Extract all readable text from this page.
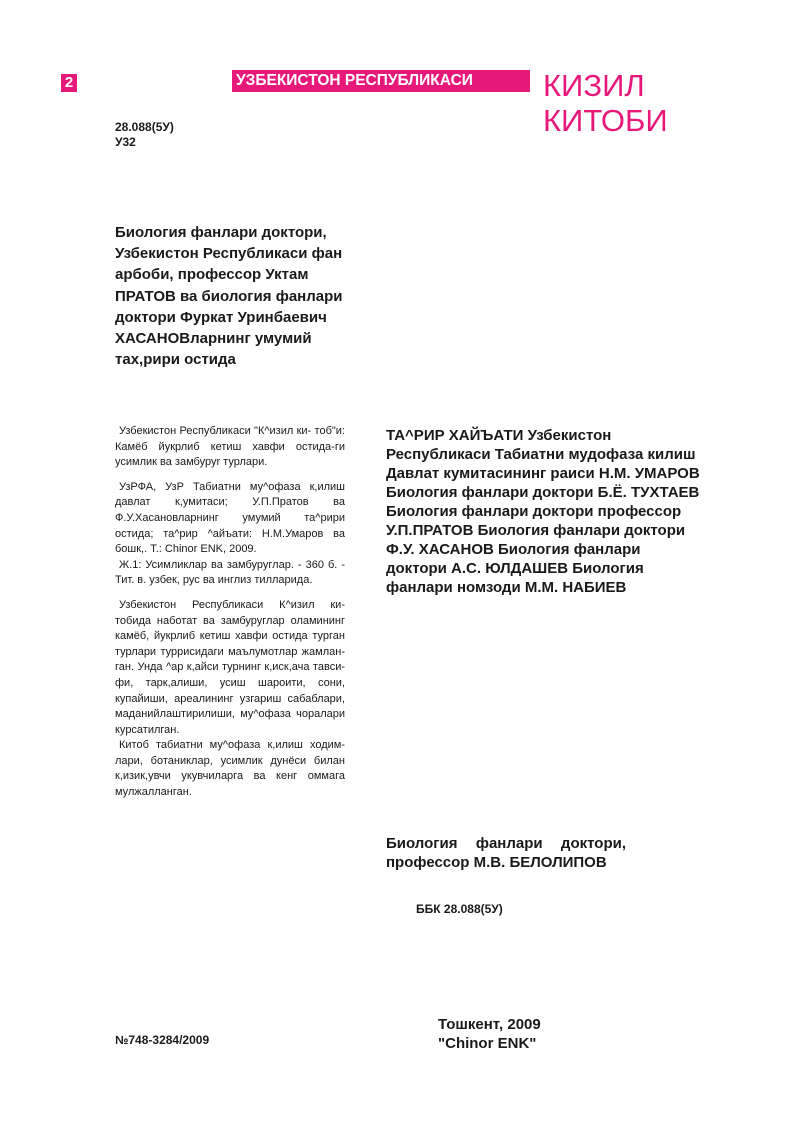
2	УЗБЕКИСТОН РЕСПУБЛИКАСИ	КИЗИЛ
КИТОБИ
28.088(5У)
У32
Биология фанлари доктори, Узбекистон Республикаси фан арбоби, профессор Уктам ПРАТОВ ва биология фанлари доктори Фуркат Уринбаевич ХАСАНОВларнинг умумий тах,рири остида

Узбекистон Республикаси "К^изил ки- тоб"и: Камёб йукрлиб кетиш хавфи остида-ги усимлик ва замбуруr турлари.

УзРФА, УзР Табиатни му^офаза к,илиш давлат к,умитаси; У.П.Пратов ва Ф.У.Хасановларнинг умумий та^рири остида; та^рир ^айъати: Н.М.Умаров ва бошк,. Т.: Chinor ENK, 2009.

Ж.1: Усимликлар ва замбуруглар. - 360 б. - Тит. в. узбек, рус ва инглиз тилларида.

Узбекистон Республикаси К^изил ки- тобида наботат ва замбуруглар оламининг камёб, йукрлиб кетиш хавфи остида турган турлари туррисидаги маълумотлар жамлан- ган. Унда ^ар к,айси турнинг к,иск,ача тавси- фи, тарк,алиши, усиш шароити, сони, купайиши, ареалининг узгариш сабаблари, маданийлаштирилиши, му^офаза чоралари курсатилган.

Китоб табиатни му^офаза к,илиш ходим- лари, ботаниклар, усимлик дунёси билан к,изик,увчи укувчиларга ва кенг оммага мулжалланган.

ТА^РИР ХАЙЪАТИ Узбекистон Республикаси Табиатни мудофаза килиш Давлат кумитасининг раиси Н.М. УМАРОВ Биология фанлари доктори Б.Ё. ТУХТАЕВ Биология фанлари доктори профессор У.П.ПРАТОВ Биология фанлари доктори Ф.У. ХАСАНОВ Биология фанлари доктори А.С. ЮЛДАШЕВ Биология фанлари номзоди М.М. НАБИЕВ
Биология фанлари доктори, профессор М.В. БЕЛОЛИПОВ
ББК 28.088(5У)
Тошкент, 2009
"Chinor ENK"
№748-3284/2009
